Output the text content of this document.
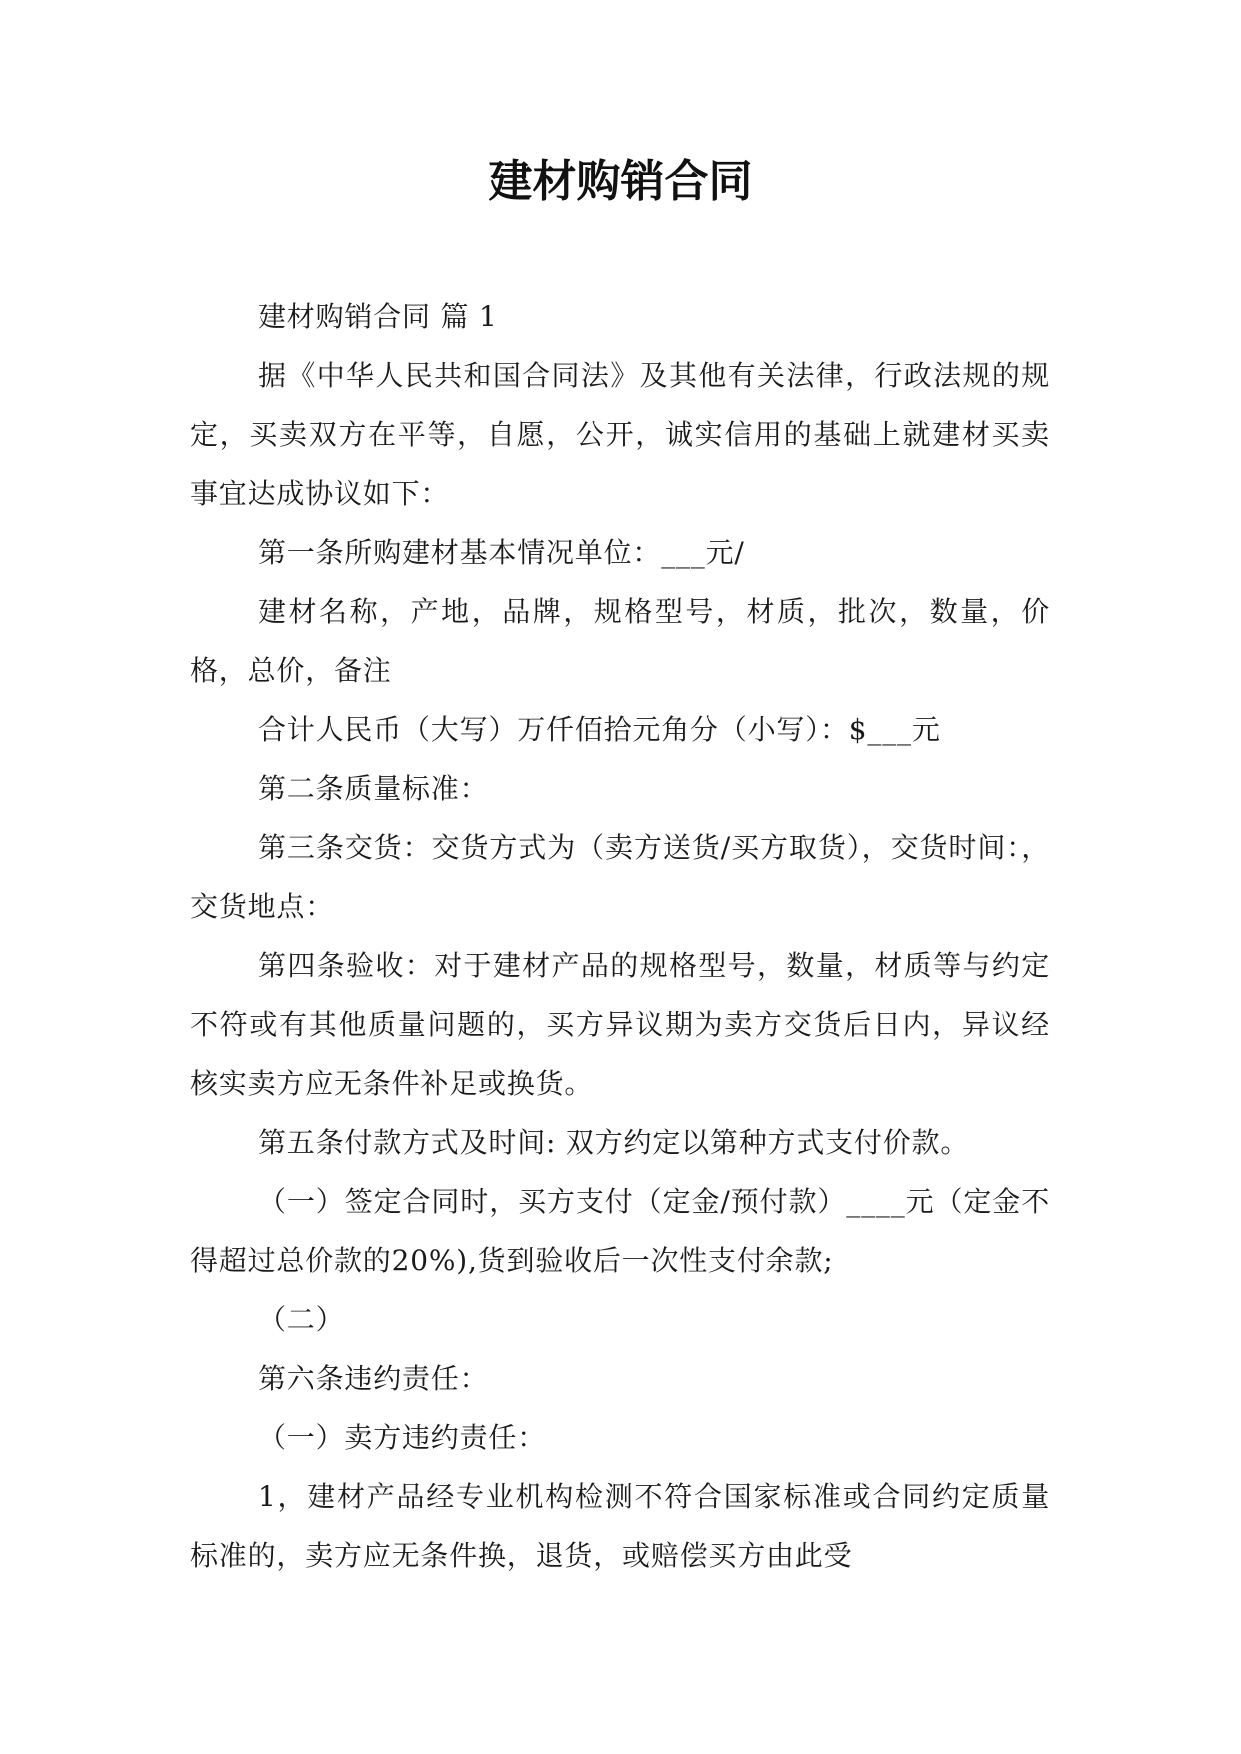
建材购销合同

建材购销合同 篇 1

据《中华人民共和国合同法》及其他有关法律，行政法规的规定，买卖双方在平等，自愿，公开，诚实信用的基础上就建材买卖事宜达成协议如下：

第一条所购建材基本情况单位：___元/

建材名称，产地，品牌，规格型号，材质，批次，数量，价格，总价，备注

合计人民币（大写）万仟佰拾元角分（小写）：$___元

第二条质量标准：

第三条交货：交货方式为（卖方送货/买方取货），交货时间：，交货地点：

第四条验收：对于建材产品的规格型号，数量，材质等与约定不符或有其他质量问题的，买方异议期为卖方交货后日内，异议经核实卖方应无条件补足或换货。

第五条付款方式及时间: 双方约定以第种方式支付价款。

（一）签定合同时，买方支付（定金/预付款）____元（定金不得超过总价款的20%),货到验收后一次性支付余款;

（二）

第六条违约责任：

（一）卖方违约责任：

1，建材产品经专业机构检测不符合国家标准或合同约定质量标准的，卖方应无条件换，退货，或赔偿买方由此受
